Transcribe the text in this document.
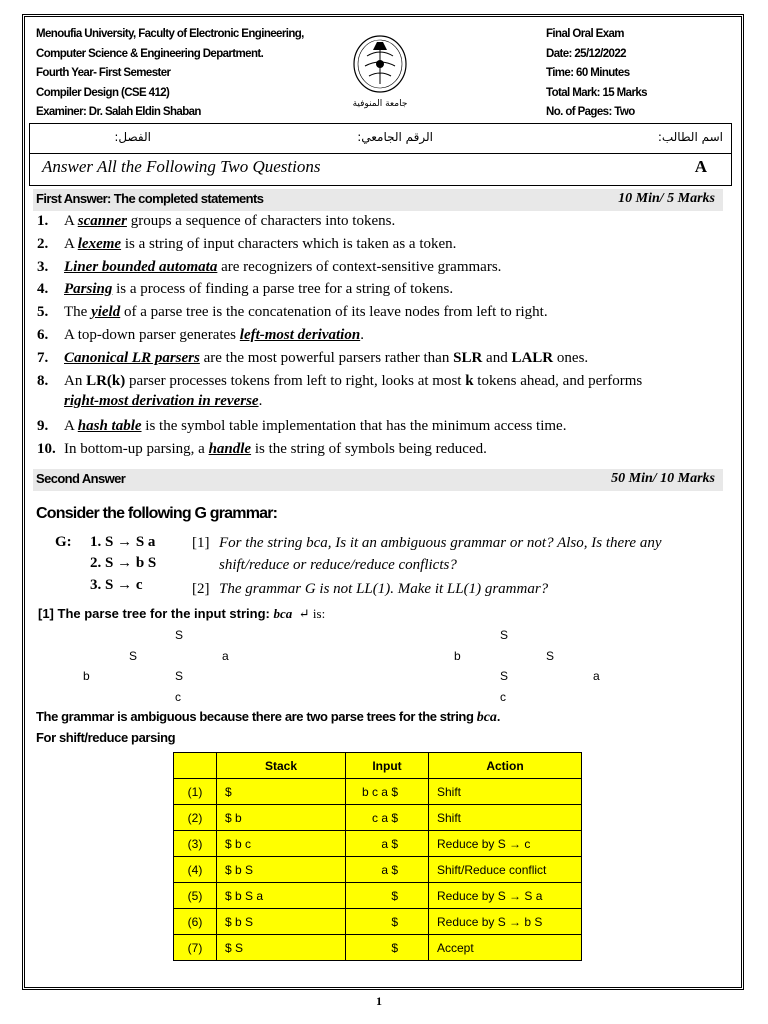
Menoufia University, Faculty of Electronic Engineering,
Computer Science & Engineering Department.
Fourth Year- First Semester
Compiler Design (CSE 412)
Examiner: Dr. Salah Eldin Shaban
جامعة المنوفية
Final Oral Exam
Date: 25/12/2022
Time: 60 Minutes
Total Mark: 15 Marks
No. of Pages: Two
اسم الطالب:
الرقم الجامعي:
الفصل:
Answer All the Following Two Questions	A
First Answer: The completed statements	10 Min/ 5 Marks
1. A scanner groups a sequence of characters into tokens.
2. A lexeme is a string of input characters which is taken as a token.
3. Liner bounded automata are recognizers of context-sensitive grammars.
4. Parsing is a process of finding a parse tree for a string of tokens.
5. The yield of a parse tree is the concatenation of its leave nodes from left to right.
6. A top-down parser generates left-most derivation.
7. Canonical LR parsers are the most powerful parsers rather than SLR and LALR ones.
8. An LR(k) parser processes tokens from left to right, looks at most k tokens ahead, and performs
right-most derivation in reverse.
9. A hash table is the symbol table implementation that has the minimum access time.
10. In bottom-up parsing, a handle is the string of symbols being reduced.
Second Answer	50 Min/ 10 Marks
Consider the following G grammar:
G: 1. S → S a
2. S → b S
3. S → c
[1] For the string bca, Is it an ambiguous grammar or not? Also, Is there any
shift/reduce or reduce/reduce conflicts?
[2] The grammar G is not LL(1). Make it LL(1) grammar?
[1] The parse tree for the input string: bca ↵ is:
S
S	a
b	S
c
S
b	S
S	a
c
The grammar is ambiguous because there are two parse trees for the string bca.
For shift/reduce parsing
	Stack	Input	Action
(1)	$	b c a $	Shift
(2)	$ b	c a $	Shift
(3)	$ b c	a $	Reduce by S → c
(4)	$ b S	a $	Shift/Reduce conflict
(5)	$ b S a	$	Reduce by S → S a
(6)	$ b S	$	Reduce by S → b S
(7)	$ S	$	Accept
1
